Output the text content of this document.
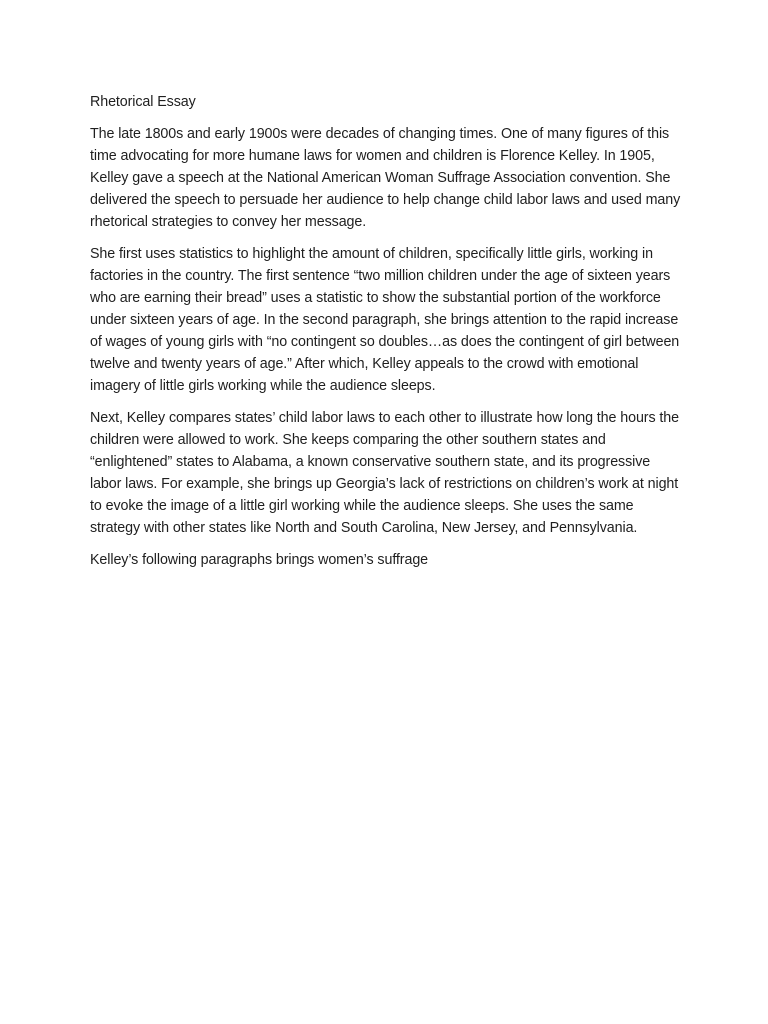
Rhetorical Essay

The late 1800s and early 1900s were decades of changing times. One of many figures of this time advocating for more humane laws for women and children is Florence Kelley. In 1905, Kelley gave a speech at the National American Woman Suffrage Association convention. She delivered the speech to persuade her audience to help change child labor laws and used many rhetorical strategies to convey her message.

She first uses statistics to highlight the amount of children, specifically little girls, working in factories in the country. The first sentence “two million children under the age of sixteen years who are earning their bread” uses a statistic to show the substantial portion of the workforce under sixteen years of age. In the second paragraph, she brings attention to the rapid increase of wages of young girls with “no contingent so doubles…as does the contingent of girl between twelve and twenty years of age.” After which, Kelley appeals to the crowd with emotional imagery of little girls working while the audience sleeps.

Next, Kelley compares states’ child labor laws to each other to illustrate how long the hours the children were allowed to work. She keeps comparing the other southern states and “enlightened” states to Alabama, a known conservative southern state, and its progressive labor laws. For example, she brings up Georgia’s lack of restrictions on children’s work at night to evoke the image of a little girl working while the audience sleeps. She uses the same strategy with other states like North and South Carolina, New Jersey, and Pennsylvania.

Kelley’s following paragraphs brings women’s suffrage
